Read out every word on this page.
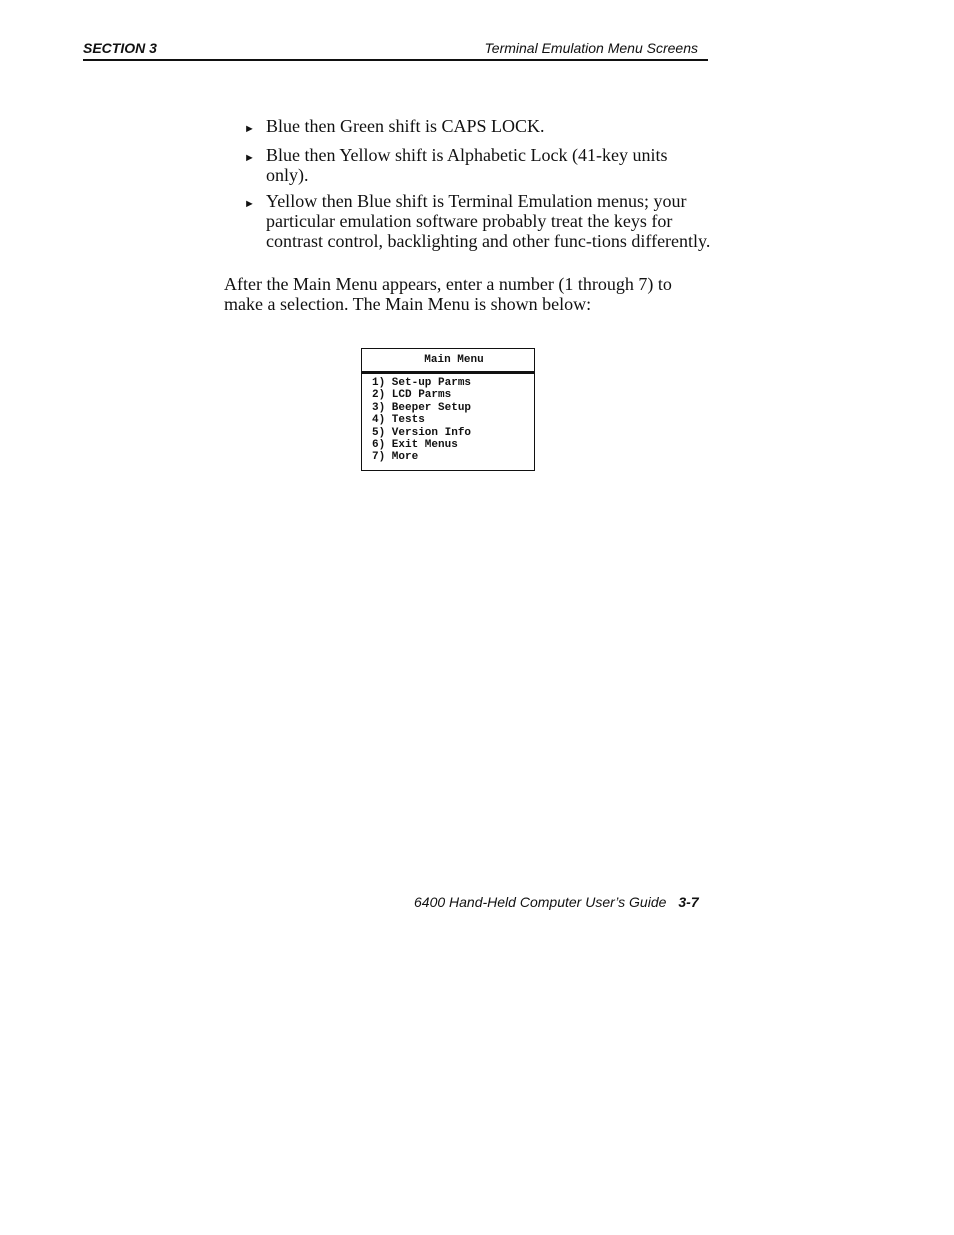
SECTION 3	Terminal Emulation Menu Screens
► Blue then Green shift is CAPS LOCK.
► Blue then Yellow shift is Alphabetic Lock (41-key units only).
► Yellow then Blue shift is Terminal Emulation menus; your particular emulation software probably treat the keys for contrast control, backlighting and other func-tions differently.

After the Main Menu appears, enter a number (1 through 7) to make a selection. The Main Menu is shown below:

Main Menu
1) Set-up Parms
2) LCD Parms
3) Beeper Setup
4) Tests
5) Version Info
6) Exit Menus
7) More
6400 Hand-Held Computer User’s Guide 3-7
